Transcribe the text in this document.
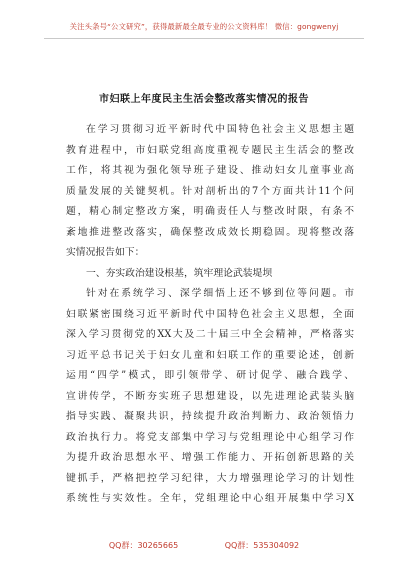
关注头条号“公文研究”，获得最新最全最专业的公文资料库！ 微信：gongwenyj
市妇联上年度民主生活会整改落实情况的报告
在学习贯彻习近平新时代中国特色社会主义思想主题
教育进程中，市妇联党组高度重视专题民主生活会的整改
工作，将其视为强化领导班子建设、推动妇女儿童事业高
质量发展的关键契机。针对剖析出的7个方面共计11个问
题，精心制定整改方案，明确责任人与整改时限，有条不
紊地推进整改落实，确保整改成效长期稳固。现将整改落
实情况报告如下：
一、夯实政治建设根基，筑牢理论武装堤坝
针对在系统学习、深学细悟上还不够到位等问题。市
妇联紧密围绕习近平新时代中国特色社会主义思想，全面
深入学习贯彻党的XX大及二十届三中全会精神，严格落实
习近平总书记关于妇女儿童和妇联工作的重要论述，创新
运用“四学”模式，即引领带学、研讨促学、融合践学、
宣讲传学，不断夯实班子思想建设，以先进理论武装头脑
指导实践、凝聚共识，持续提升政治判断力、政治领悟力
政治执行力。将党支部集中学习与党组理论中心组学习作
为提升政治思想水平、增强工作能力、开拓创新思路的关
键抓手，严格把控学习纪律，大力增强理论学习的计划性
系统性与实效性。全年，党组理论中心组开展集中学习X
QQ群：30265665	QQ群：535304092
